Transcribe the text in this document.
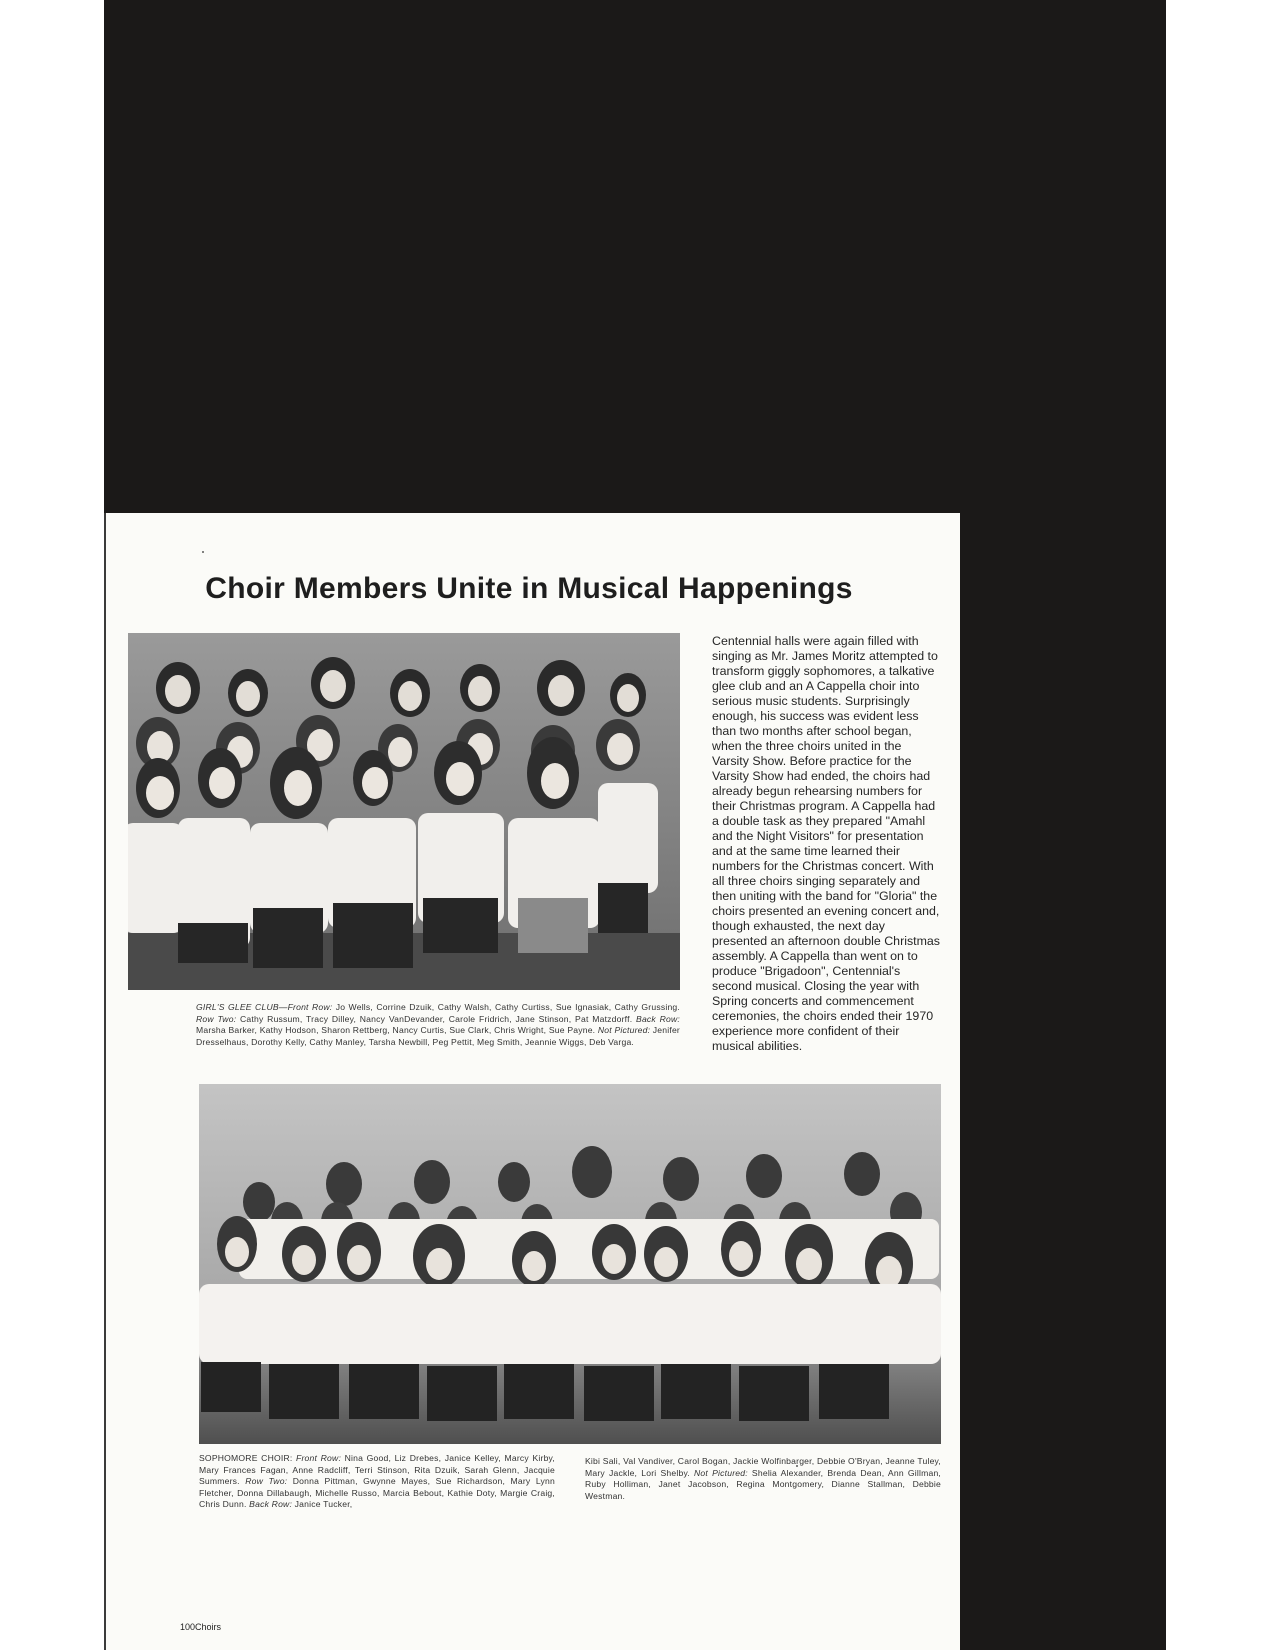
Choir Members Unite in Musical Happenings
Centennial halls were again filled with singing as Mr. James Moritz attempted to transform giggly sophomores, a talkative glee club and an A Cappella choir into serious music students. Surprisingly enough, his success was evident less than two months after school began, when the three choirs united in the Varsity Show. Before practice for the Varsity Show had ended, the choirs had already begun rehearsing numbers for their Christmas program. A Cappella had a double task as they prepared "Amahl and the Night Visitors" for presentation and at the same time learned their numbers for the Christmas concert. With all three choirs singing separately and then uniting with the band for "Gloria" the choirs presented an evening concert and, though exhausted, the next day presented an afternoon double Christmas assembly. A Cappella than went on to produce "Brigadoon", Centennial's second musical. Closing the year with Spring concerts and commencement ceremonies, the choirs ended their 1970 experience more confident of their musical abilities.
GIRL'S GLEE CLUB—Front Row: Jo Wells, Corrine Dzuik, Cathy Walsh, Cathy Curtiss, Sue Ignasiak, Cathy Grussing. Row Two: Cathy Russum, Tracy Dilley, Nancy VanDevander, Carole Fridrich, Jane Stinson, Pat Matzdorff. Back Row: Marsha Barker, Kathy Hodson, Sharon Rettberg, Nancy Curtis, Sue Clark, Chris Wright, Sue Payne. Not Pictured: Jenifer Dresselhaus, Dorothy Kelly, Cathy Manley, Tarsha Newbill, Peg Pettit, Meg Smith, Jeannie Wiggs, Deb Varga.
SOPHOMORE CHOIR: Front Row: Nina Good, Liz Drebes, Janice Kelley, Marcy Kirby, Mary Frances Fagan, Anne Radcliff, Terri Stinson, Rita Dzuik, Sarah Glenn, Jacquie Summers. Row Two: Donna Pittman, Gwynne Mayes, Sue Richardson, Mary Lynn Fletcher, Donna Dillabaugh, Michelle Russo, Marcia Bebout, Kathie Doty, Margie Craig, Chris Dunn. Back Row: Janice Tucker,
Kibi Sali, Val Vandiver, Carol Bogan, Jackie Wolfinbarger, Debbie O'Bryan, Jeanne Tuley, Mary Jackle, Lori Shelby. Not Pictured: Shelia Alexander, Brenda Dean, Ann Gillman, Ruby Holliman, Janet Jacobson, Regina Montgomery, Dianne Stallman, Debbie Westman.
100Choirs
